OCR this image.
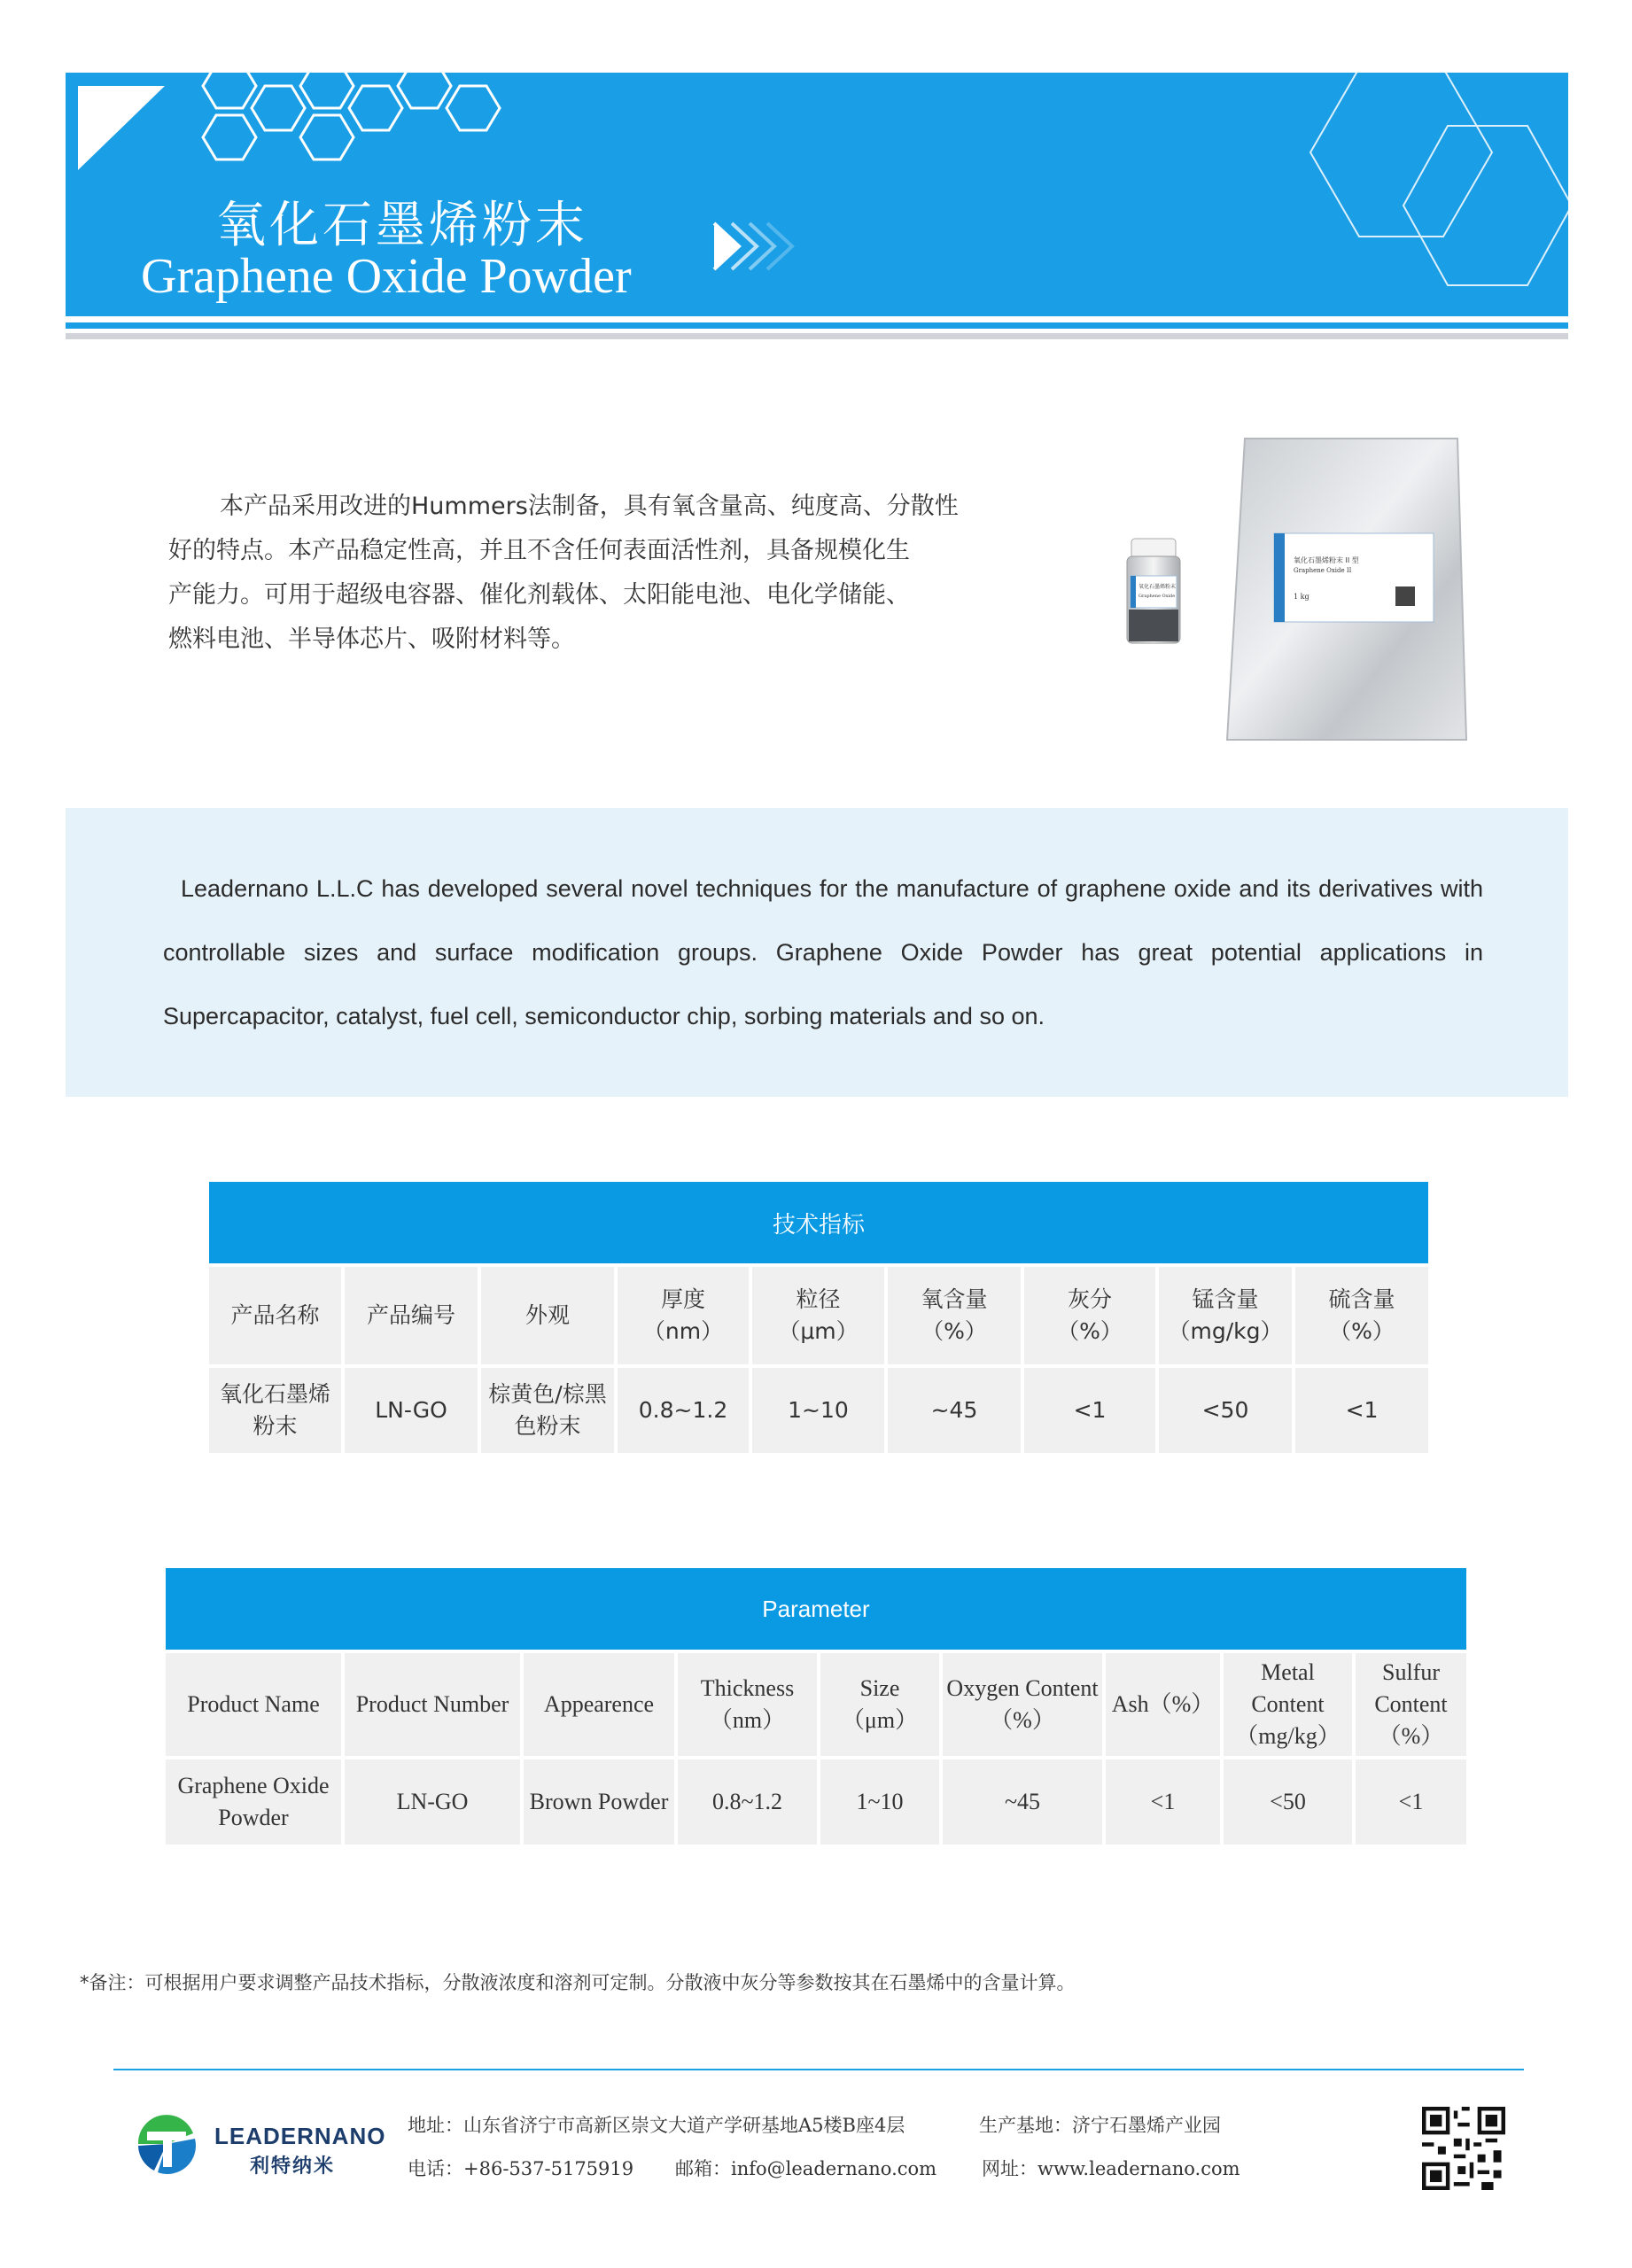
氧化石墨烯粉末
Graphene Oxide Powder

本产品采用改进的Hummers法制备，具有氧含量高、纯度高、分散性

好的特点。本产品稳定性高，并且不含任何表面活性剂，具备规模化生

产能力。可用于超级电容器、催化剂载体、太阳能电池、电化学储能、

燃料电池、半导体芯片、吸附材料等。

氧化石墨烯粉末 II 型
Graphene Oxide II
1 kg
氧化石墨烯粉末
Graphene Oxide
Leadernano L.L.C has developed several novel techniques for the manufacture of graphene oxide and its derivatives with controllable sizes and surface modification groups. Graphene Oxide Powder has great potential applications in Supercapacitor, catalyst, fuel cell, semiconductor chip, sorbing materials and so on.
技术指标
产品名称
氧化石墨烯
粉末
产品编号
LN-GO
外观
棕黄色/棕黑
色粉末
厚度
（nm）
0.8~1.2
粒径
（μm）
1~10
氧含量
（%）
~45
灰分
（%）
<1
锰含量
（mg/kg）
<50
硫含量
（%）
<1
Parameter
Product Name
Graphene Oxide
Powder
Product Number
LN-GO
Appearence
Brown Powder
Thickness
（nm）
0.8~1.2
Size
（μm）
1~10
Oxygen Content
（%）
~45
Ash（%）
<1
Metal
Content
（mg/kg）
<50
Sulfur
Content
（%）
<1
*备注：可根据用户要求调整产品技术指标，分散液浓度和溶剂可定制。分散液中灰分等参数按其在石墨烯中的含量计算。
LEADERNANO
利特纳米
地址：山东省济宁市高新区崇文大道产学研基地A5楼B座4层	生产基地：济宁石墨烯产业园
电话：+86-537-5175919 邮箱：info@leadernano.com 网址：www.leadernano.com
